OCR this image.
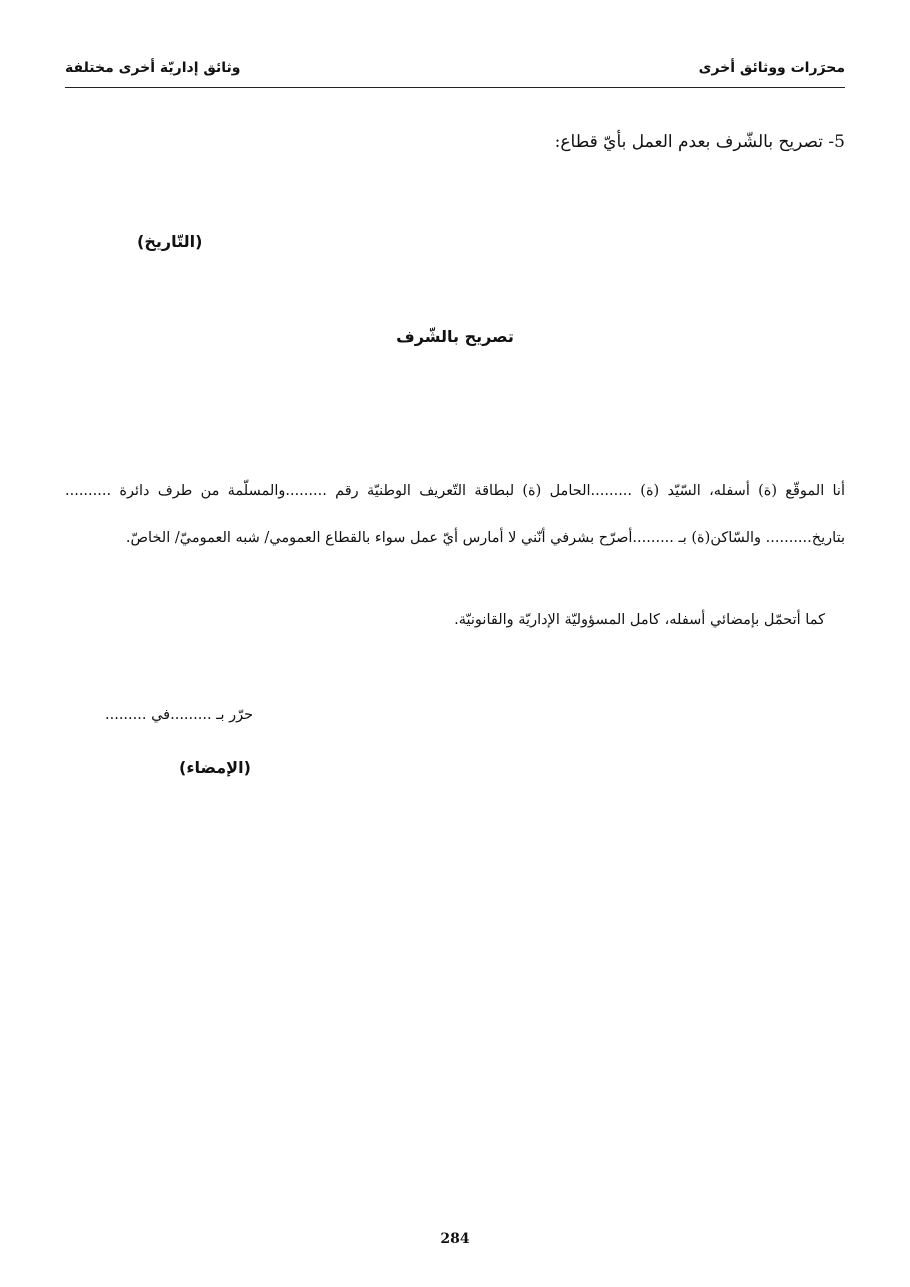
محرَرات ووثائق أخرى
وثائق إداريّة أخرى مختلفة
5- تصريح بالشّرف بعدم العمل بأيّ قطاع:
(التّاريخ)
تصريح بالشّرف
أنا الموقّع (ة) أسفله، السّيّد (ة) .........الحامل (ة) لبطاقة التّعريف الوطنيّة رقم .........والمسلّمة من طرف دائرة .......... بتاريخ.......... والسّاكن(ة) بـ .........أصرّح بشرفي أنّني لا أمارس أيّ عمل سواء بالقطاع العمومي/ شبه العموميّ/ الخاصّ.
كما أتحمّل بإمضائي أسفله، كامل المسؤوليّة الإداريّة والقانونيّة.
حرّر بـ .........في .........
(الإمضاء)
284
